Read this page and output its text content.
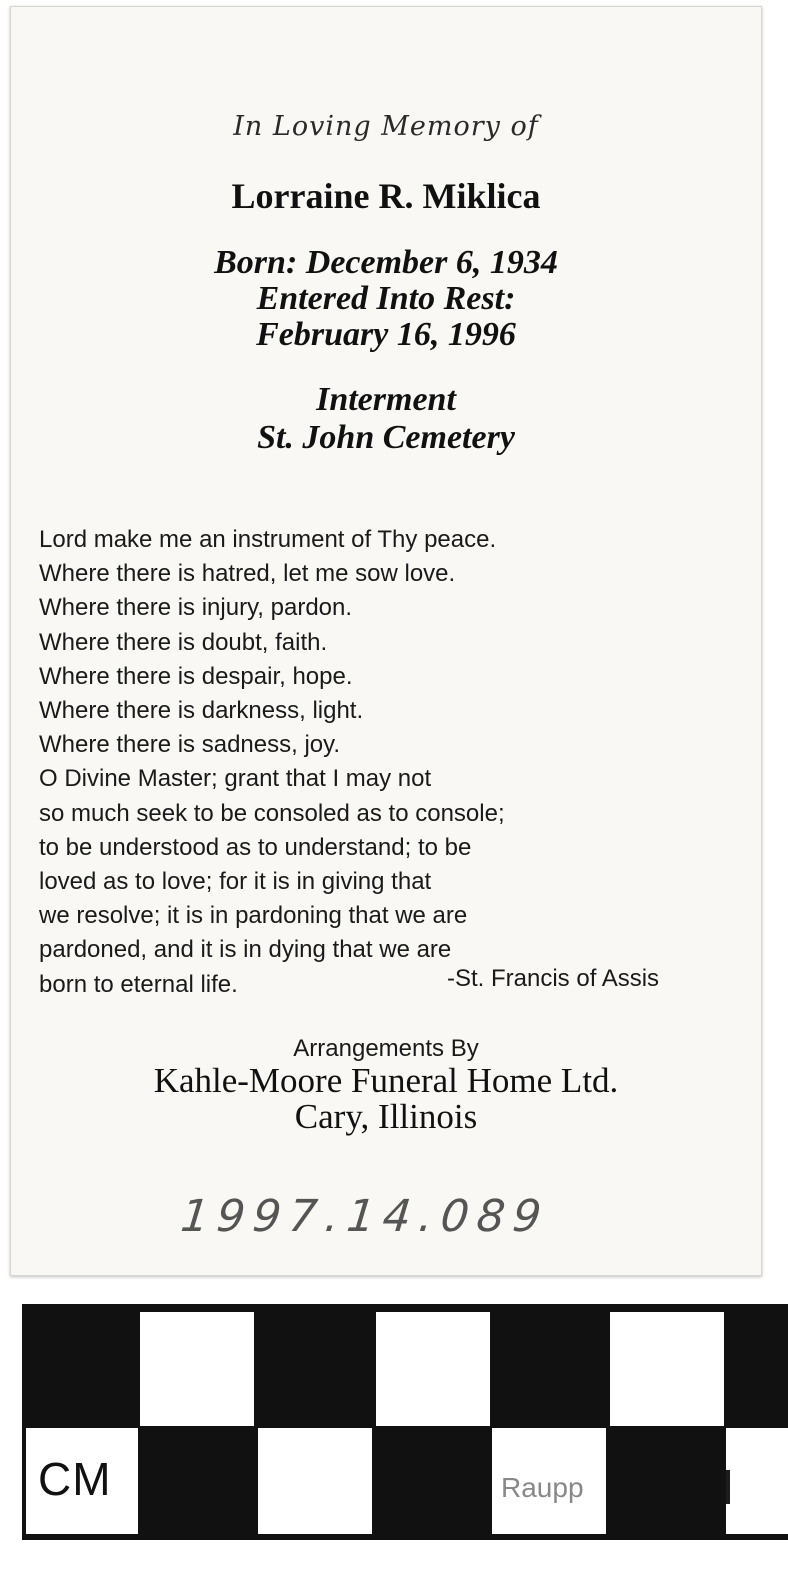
In Loving Memory of
Lorraine R. Miklica
Born: December 6, 1934
Entered Into Rest:
February 16, 1996
Interment
St. John Cemetery
Lord make me an instrument of Thy peace.
Where there is hatred, let me sow love.
Where there is injury, pardon.
Where there is doubt, faith.
Where there is despair, hope.
Where there is darkness, light.
Where there is sadness, joy.
O Divine Master; grant that I may not
so much seek to be consoled as to console;
to be understood as to understand; to be
loved as to love; for it is in giving that
we resolve; it is in pardoning that we are
pardoned, and it is in dying that we are
born to eternal life.	-St. Francis of Assis
Arrangements By
Kahle-Moore Funeral Home Ltd.
Cary, Illinois
1997.14.089
CM	Raupp
